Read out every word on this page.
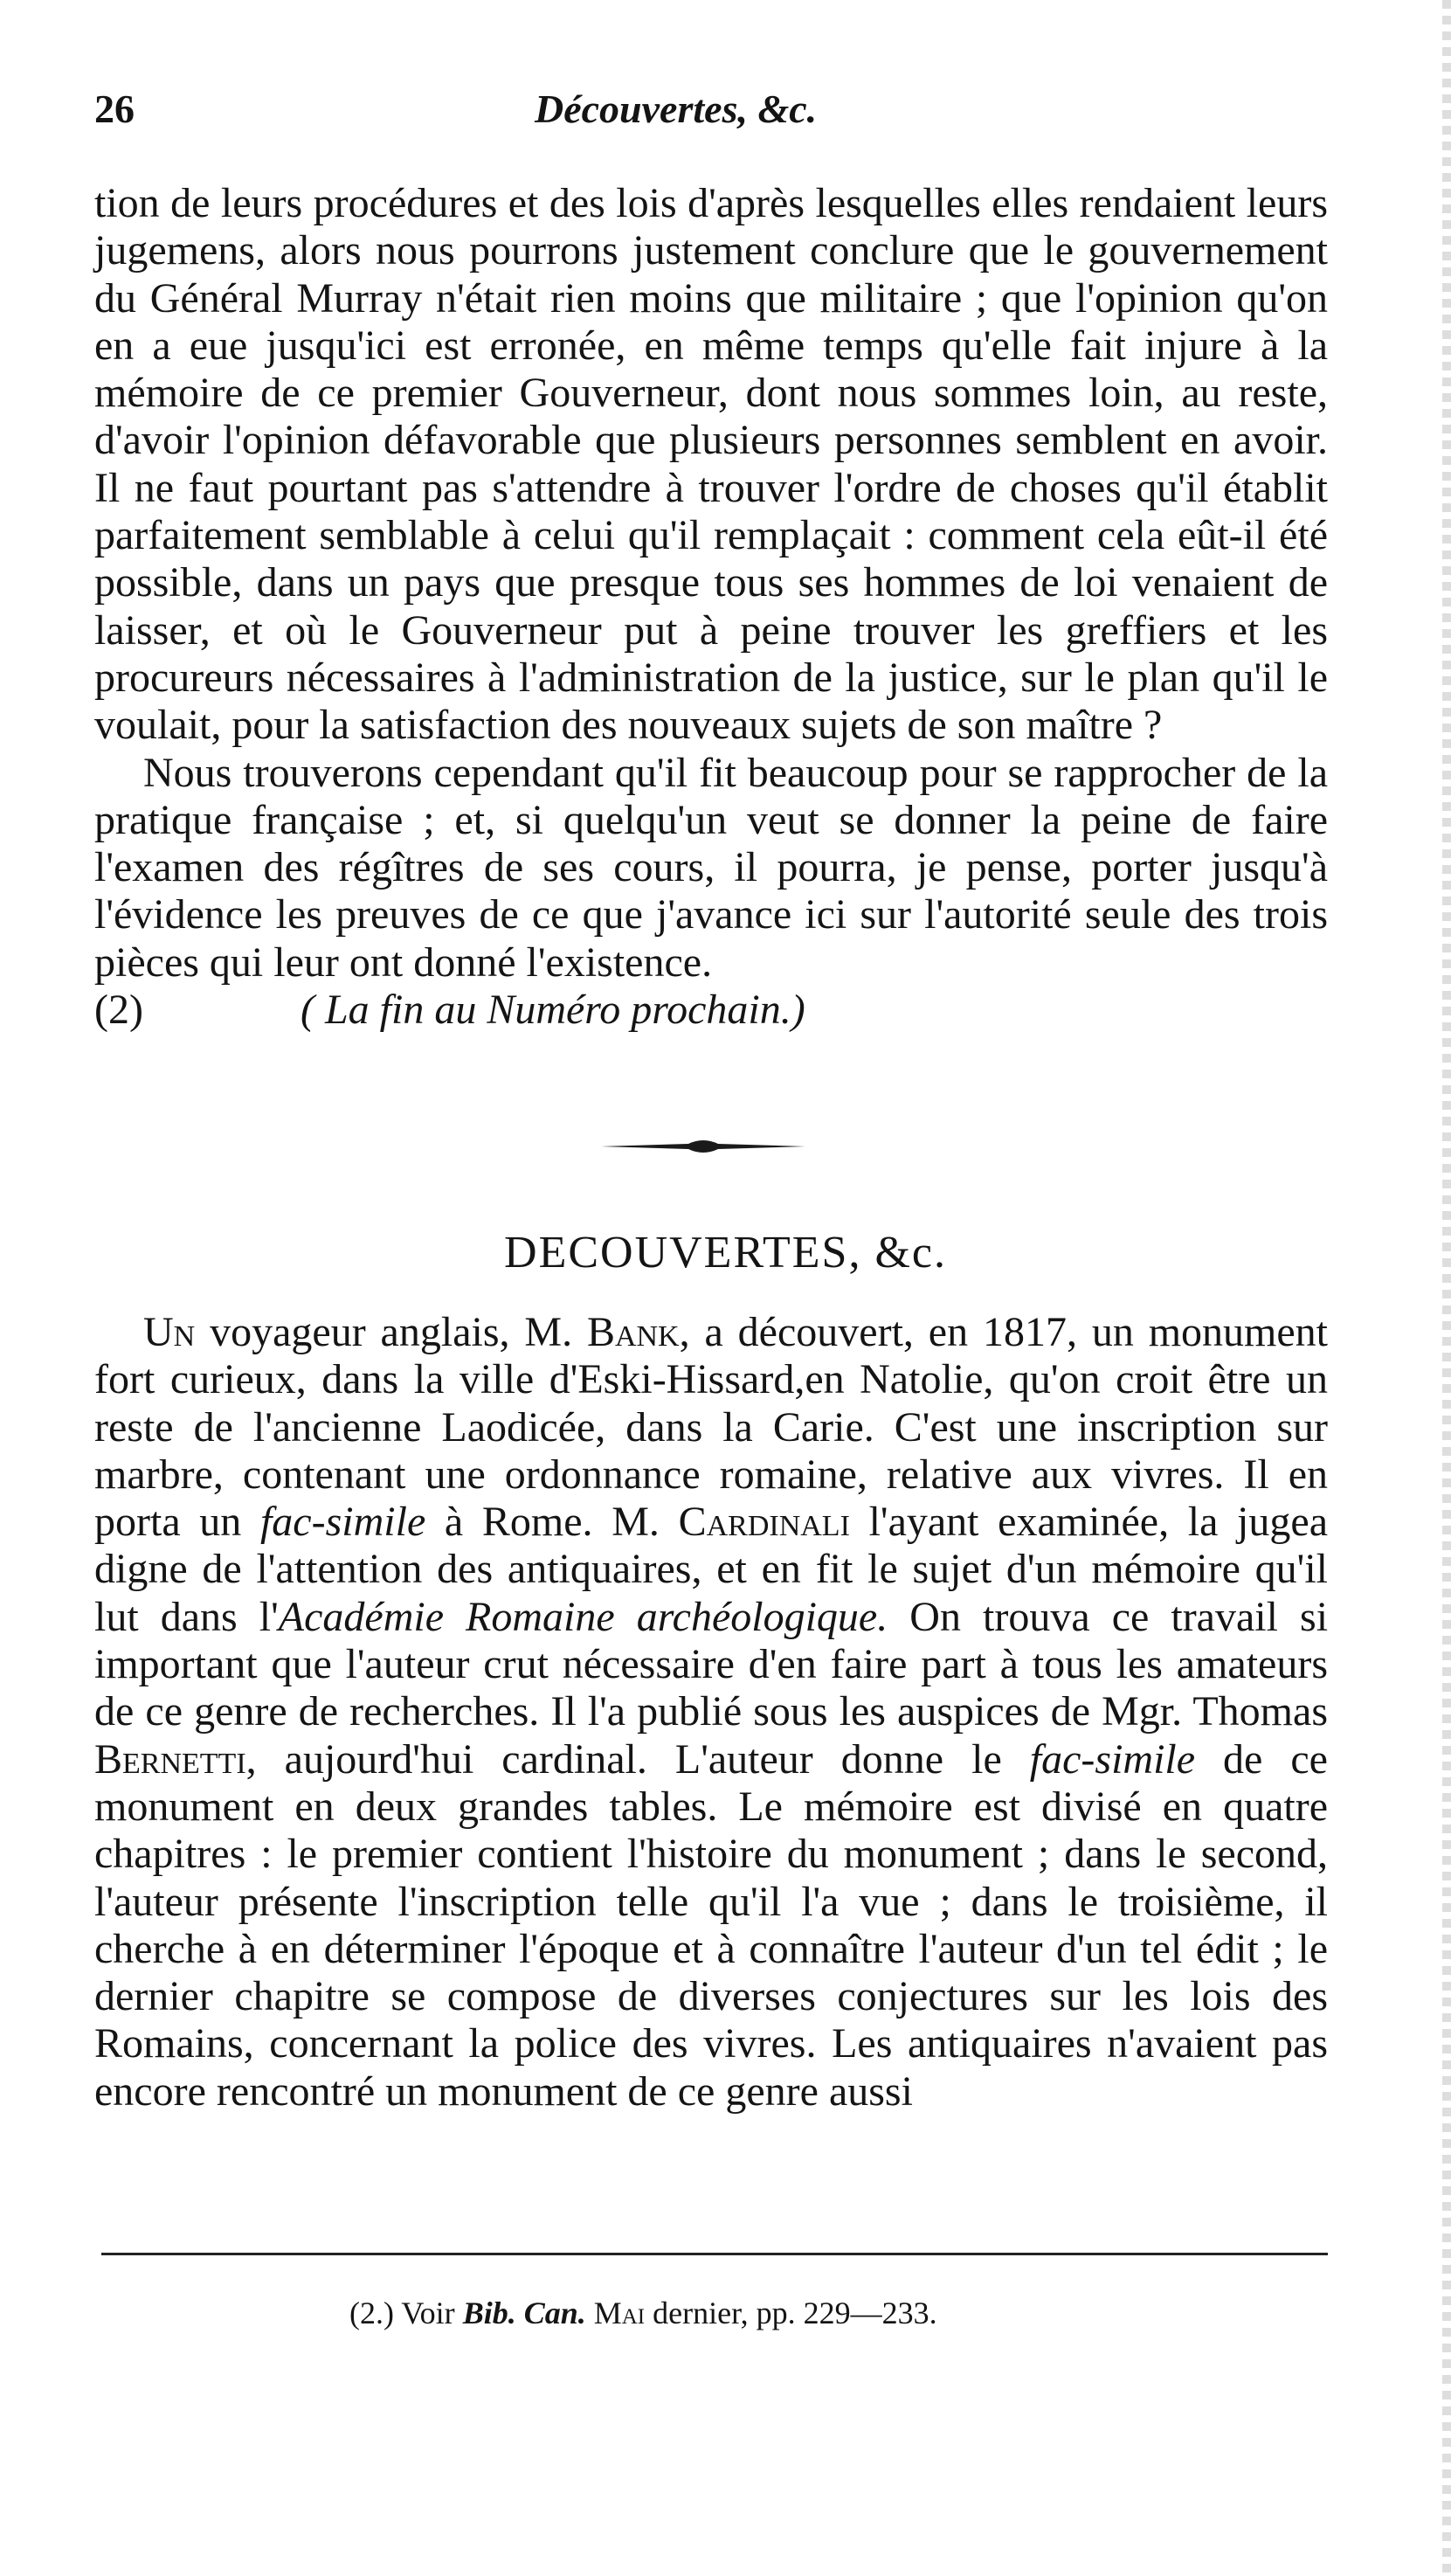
26	Découvertes, &c.

tion de leurs procédures et des lois d'après lesquelles elles rendaient leurs jugemens, alors nous pourrons justement conclure que le gouvernement du Général Murray n'était rien moins que militaire ; que l'opinion qu'on en a eue jusqu'ici est erronée, en même temps qu'elle fait injure à la mémoire de ce premier Gouverneur, dont nous sommes loin, au reste, d'avoir l'opinion défavorable que plusieurs personnes semblent en avoir. Il ne faut pourtant pas s'attendre à trouver l'ordre de choses qu'il établit parfaitement semblable à celui qu'il remplaçait : comment cela eût-il été possible, dans un pays que presque tous ses hommes de loi venaient de laisser, et où le Gouverneur put à peine trouver les greffiers et les procureurs nécessaires à l'administration de la justice, sur le plan qu'il le voulait, pour la satisfaction des nouveaux sujets de son maître ?

Nous trouverons cependant qu'il fit beaucoup pour se rapprocher de la pratique française ; et, si quelqu'un veut se donner la peine de faire l'examen des régîtres de ses cours, il pourra, je pense, porter jusqu'à l'évidence les preuves de ce que j'avance ici sur l'autorité seule des trois pièces qui leur ont donné l'existence.

(2)	( La fin au Numéro prochain.)
DECOUVERTES, &c.

Un voyageur anglais, M. Bank, a découvert, en 1817, un monument fort curieux, dans la ville d'Eski-Hissard,en Natolie, qu'on croit être un reste de l'ancienne Laodicée, dans la Carie. C'est une inscription sur marbre, contenant une ordonnance romaine, relative aux vivres. Il en porta un fac-simile à Rome. M. Cardinali l'ayant examinée, la jugea digne de l'attention des antiquaires, et en fit le sujet d'un mémoire qu'il lut dans l'Académie Romaine archéologique. On trouva ce travail si important que l'auteur crut nécessaire d'en faire part à tous les amateurs de ce genre de recherches. Il l'a publié sous les auspices de Mgr. Thomas Bernetti, aujourd'hui cardinal. L'auteur donne le fac-simile de ce monument en deux grandes tables. Le mémoire est divisé en quatre chapitres : le premier contient l'histoire du monument ; dans le second, l'auteur présente l'inscription telle qu'il l'a vue ; dans le troisième, il cherche à en déterminer l'époque et à connaître l'auteur d'un tel édit ; le dernier chapitre se compose de diverses conjectures sur les lois des Romains, concernant la police des vivres. Les antiquaires n'avaient pas encore rencontré un monument de ce genre aussi

(2.) Voir Bib. Can. Mai dernier, pp. 229—233.
